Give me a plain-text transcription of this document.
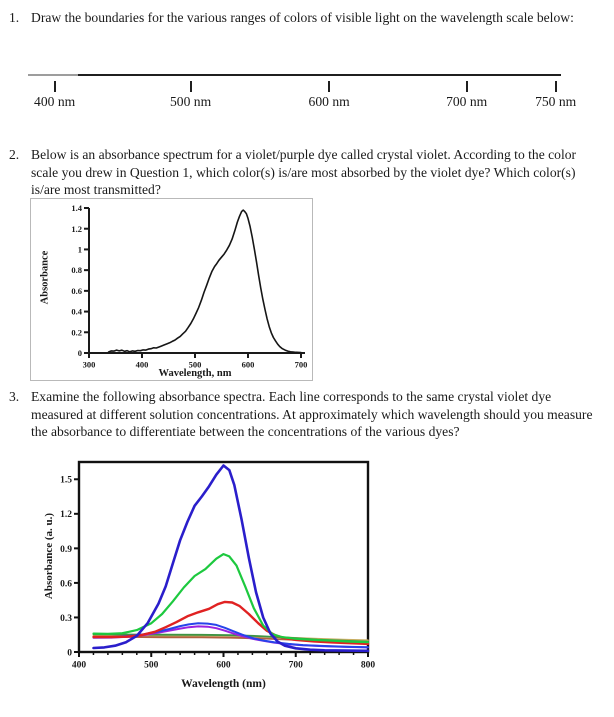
1. Draw the boundaries for the various ranges of colors of visible light on the wavelength scale below:
400 nm	500 nm	600 nm	700 nm	750 nm
2. Below is an absorbance spectrum for a violet/purple dye called crystal violet. According to the color scale you drew in Question 1, which color(s) is/are most absorbed by the violet dye? Which color(s) is/are most transmitted?
300	400	500	600	700
0
0.2
0.4
0.6
0.8
1
1.2
1.4
Absorbance
Wavelength, nm
3. Examine the following absorbance spectra. Each line corresponds to the same crystal violet dye measured at different solution concentrations. At approximately which wavelength should you measure the absorbance to differentiate between the concentrations of the various dyes?
400	500	600	700	800
0
0.3
0.6
0.9
1.2
1.5
Absorbance (a. u.)
Wavelength (nm)
